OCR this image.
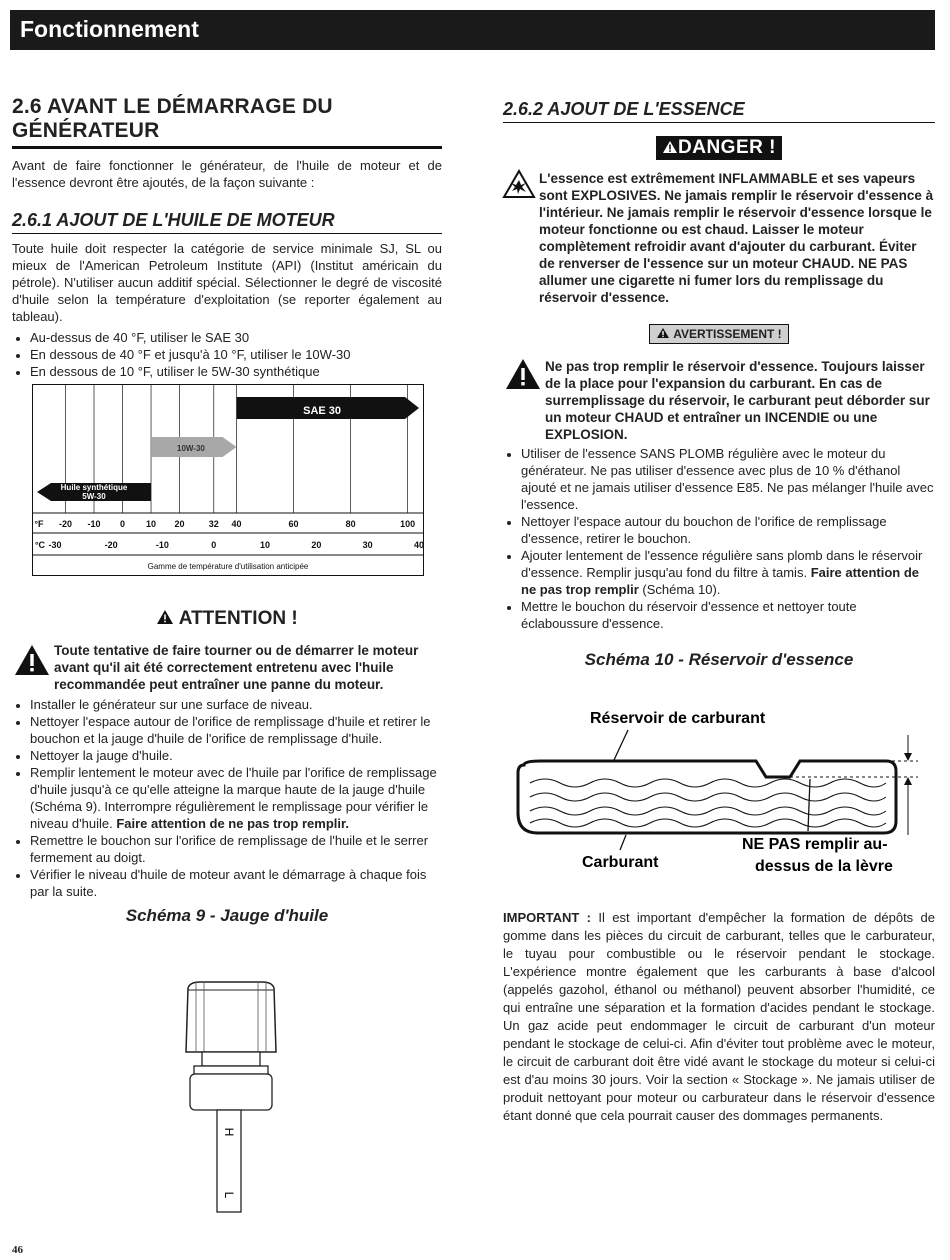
Fonctionnement
2.6 AVANT LE DÉMARRAGE DU GÉNÉRATEUR

Avant de faire fonctionner le générateur, de l'huile de moteur et de l'essence devront être ajoutés, de la façon suivante :

2.6.1 AJOUT DE L'HUILE DE MOTEUR

Toute huile doit respecter la catégorie de service minimale SJ, SL ou mieux de l'American Petroleum Institute (API) (Institut américain du pétrole). N'utiliser aucun additif spécial. Sélectionner le degré de viscosité d'huile selon la température d'exploitation (se reporter également au tableau).

• Au-dessus de 40 °F, utiliser le SAE 30
• En dessous de 40 °F et jusqu'à 10 °F, utiliser le 10W-30
• En dessous de 10 °F, utiliser le 5W-30 synthétique
Huile synthétique
5W-30
10W-30
SAE 30
°F -20 -10 0 10 20	32 40	60	80	100
°C -30	-20	-10	0	10	20	30	40
Gamme de température d'utilisation anticipée
ATTENTION !
Toute tentative de faire tourner ou de démarrer le moteur avant qu'il ait été correctement entretenu avec l'huile recommandée peut entraîner une panne du moteur.
• Installer le générateur sur une surface de niveau.
• Nettoyer l'espace autour de l'orifice de remplissage d'huile et retirer le bouchon et la jauge d'huile de l'orifice de remplissage d'huile.
• Nettoyer la jauge d'huile.
• Remplir lentement le moteur avec de l'huile par l'orifice de remplissage d'huile jusqu'à ce qu'elle atteigne la marque haute de la jauge d'huile (Schéma 9). Interrompre régulièrement le remplissage pour vérifier le niveau d'huile. Faire attention de ne pas trop remplir.
• Remettre le bouchon sur l'orifice de remplissage de l'huile et le serrer fermement au doigt.
• Vérifier le niveau d'huile de moteur avant le démarrage à chaque fois par la suite.
Schéma 9 - Jauge d'huile
H
L
2.6.2 AJOUT DE L'ESSENCE
DANGER !
L'essence est extrêmement INFLAMMABLE et ses vapeurs sont EXPLOSIVES. Ne jamais remplir le réservoir d'essence à l'intérieur. Ne jamais remplir le réservoir d'essence lorsque le moteur fonctionne ou est chaud. Laisser le moteur complètement refroidir avant d'ajouter du carburant. Éviter de renverser de l'essence sur un moteur CHAUD. NE PAS allumer une cigarette ni fumer lors du remplissage du réservoir d'essence.
AVERTISSEMENT !
Ne pas trop remplir le réservoir d'essence. Toujours laisser de la place pour l'expansion du carburant. En cas de surremplissage du réservoir, le carburant peut déborder sur un moteur CHAUD et entraîner un INCENDIE ou une EXPLOSION.
• Utiliser de l'essence SANS PLOMB régulière avec le moteur du générateur. Ne pas utiliser d'essence avec plus de 10 % d'éthanol ajouté et ne jamais utiliser d'essence E85. Ne pas mélanger l'huile avec l'essence.
• Nettoyer l'espace autour du bouchon de l'orifice de remplissage d'essence, retirer le bouchon.
• Ajouter lentement de l'essence régulière sans plomb dans le réservoir d'essence. Remplir jusqu'au fond du filtre à tamis. Faire attention de ne pas trop remplir (Schéma 10).
• Mettre le bouchon du réservoir d'essence et nettoyer toute éclaboussure d'essence.
Schéma 10 - Réservoir d'essence
Réservoir de carburant
Carburant
NE PAS remplir au-
dessus de la lèvre

IMPORTANT : Il est important d'empêcher la formation de dépôts de gomme dans les pièces du circuit de carburant, telles que le carburateur, le tuyau pour combustible ou le réservoir pendant le stockage. L'expérience montre également que les carburants à base d'alcool (appelés gazohol, éthanol ou méthanol) peuvent absorber l'humidité, ce qui entraîne une séparation et la formation d'acides pendant le stockage. Un gaz acide peut endommager le circuit de carburant d'un moteur pendant le stockage de celui-ci. Afin d'éviter tout problème avec le moteur, le circuit de carburant doit être vidé avant le stockage du moteur si celui-ci est d'au moins 30 jours. Voir la section « Stockage ». Ne jamais utiliser de produit nettoyant pour moteur ou carburateur dans le réservoir d'essence étant donné que cela pourrait causer des dommages permanents.

46
